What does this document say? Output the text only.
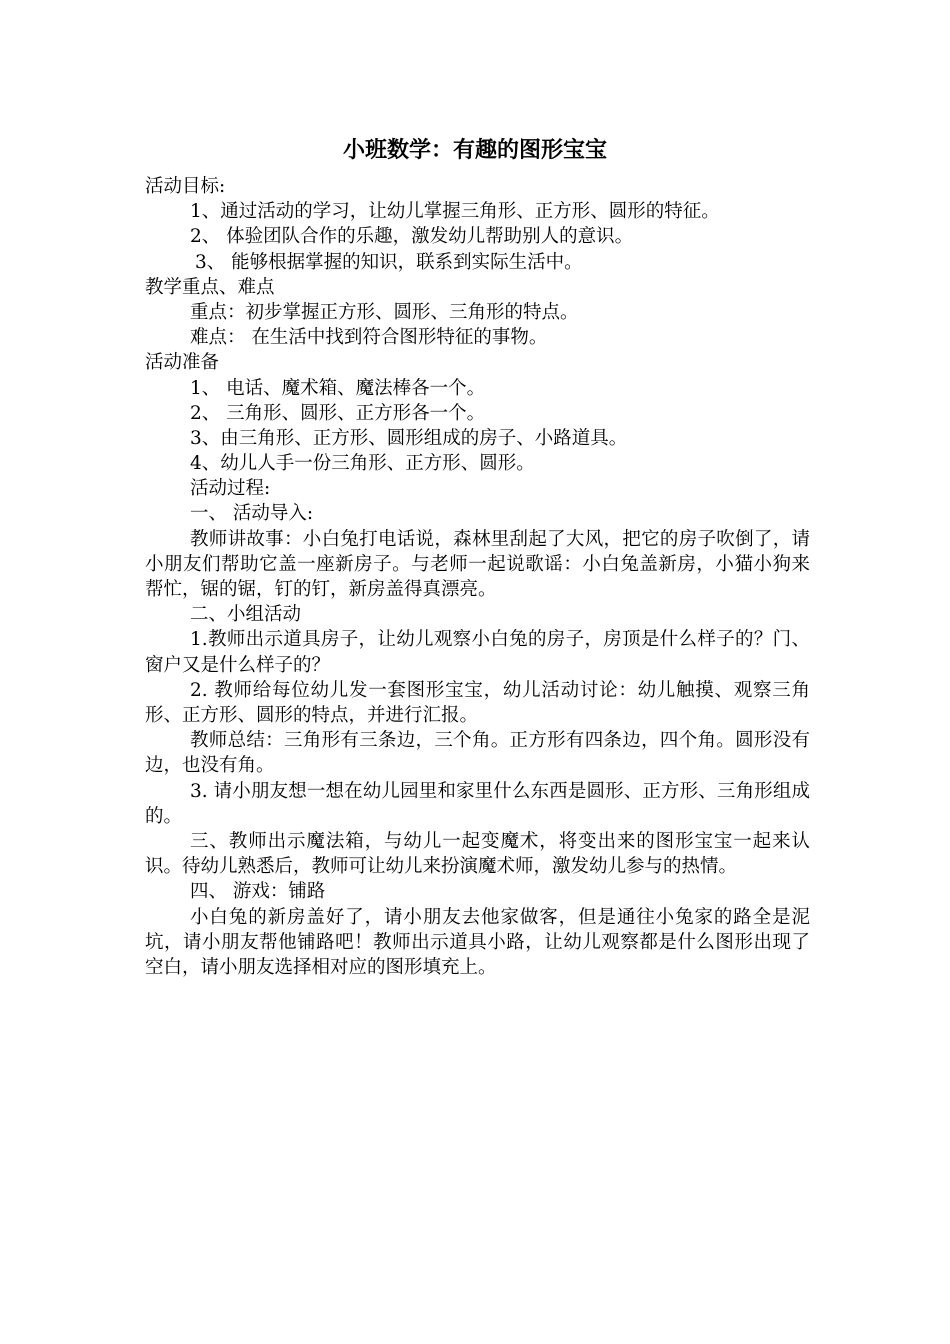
小班数学：有趣的图形宝宝
活动目标:
1、通过活动的学习，让幼儿掌握三角形、正方形、圆形的特征。
2、 体验团队合作的乐趣，激发幼儿帮助别人的意识。
3、 能够根据掌握的知识，联系到实际生活中。
教学重点、难点
重点：初步掌握正方形、圆形、三角形的特点。
难点： 在生活中找到符合图形特征的事物。
活动准备
1、 电话、魔术箱、魔法棒各一个。
2、 三角形、圆形、正方形各一个。
3、由三角形、正方形、圆形组成的房子、小路道具。
4、幼儿人手一份三角形、正方形、圆形。
活动过程:
一、 活动导入:
教师讲故事：小白兔打电话说，森林里刮起了大风，把它的房子吹倒了，请小朋友们帮助它盖一座新房子。与老师一起说歌谣：小白兔盖新房，小猫小狗来帮忙，锯的锯，钉的钉，新房盖得真漂亮。
二、小组活动
1.教师出示道具房子，让幼儿观察小白兔的房子，房顶是什么样子的？门、窗户又是什么样子的？
2. 教师给每位幼儿发一套图形宝宝，幼儿活动讨论：幼儿触摸、观察三角形、正方形、圆形的特点，并进行汇报。
教师总结：三角形有三条边，三个角。正方形有四条边，四个角。圆形没有边，也没有角。
3. 请小朋友想一想在幼儿园里和家里什么东西是圆形、正方形、三角形组成的。
三、教师出示魔法箱，与幼儿一起变魔术，将变出来的图形宝宝一起来认识。待幼儿熟悉后，教师可让幼儿来扮演魔术师，激发幼儿参与的热情。
四、 游戏：铺路
小白兔的新房盖好了，请小朋友去他家做客，但是通往小兔家的路全是泥坑，请小朋友帮他铺路吧！教师出示道具小路，让幼儿观察都是什么图形出现了空白，请小朋友选择相对应的图形填充上。
